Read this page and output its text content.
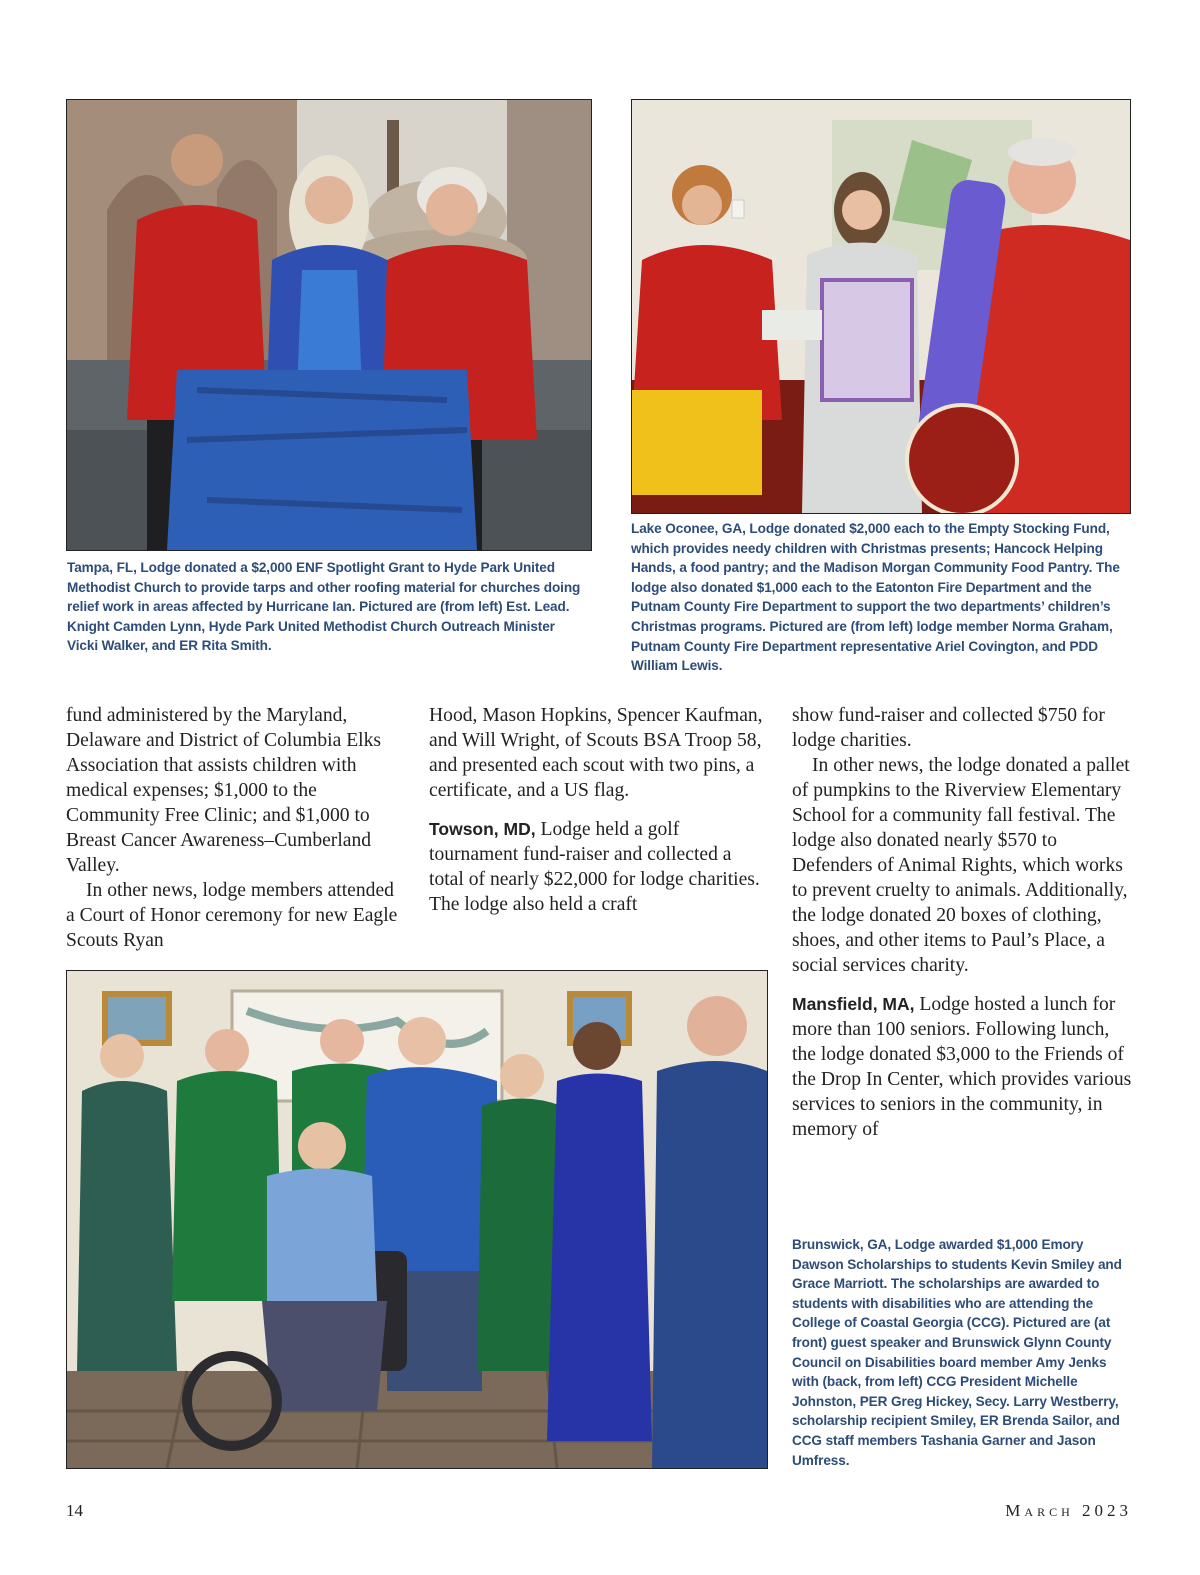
Tampa, FL, Lodge donated a $2,000 ENF Spotlight Grant to Hyde Park United Methodist Church to provide tarps and other roofing material for churches doing relief work in areas affected by Hurricane Ian. Pictured are (from left) Est. Lead. Knight Camden Lynn, Hyde Park United Methodist Church Outreach Minister Vicki Walker, and ER Rita Smith.
Lake Oconee, GA, Lodge donated $2,000 each to the Empty Stocking Fund, which provides needy children with Christmas presents; Hancock Helping Hands, a food pantry; and the Madison Morgan Community Food Pantry. The lodge also donated $1,000 each to the Eatonton Fire Department and the Putnam County Fire Department to support the two departments’ children’s Christmas programs. Pictured are (from left) lodge member Norma Graham, Putnam County Fire Department representative Ariel Covington, and PDD William Lewis.

fund administered by the Maryland, Delaware and District of Columbia Elks Association that assists children with medical expenses; $1,000 to the Community Free Clinic; and $1,000 to Breast Cancer Awareness–Cumberland Valley.

In other news, lodge members attended a Court of Honor ceremony for new Eagle Scouts Ryan

Hood, Mason Hopkins, Spencer Kaufman, and Will Wright, of Scouts BSA Troop 58, and presented each scout with two pins, a certificate, and a US flag.

Towson, MD, Lodge held a golf tournament fund-raiser and collected a total of nearly $22,000 for lodge charities. The lodge also held a craft

show fund-raiser and collected $750 for lodge charities.

In other news, the lodge donated a pallet of pumpkins to the Riverview Elementary School for a community fall festival. The lodge also donated nearly $570 to Defenders of Animal Rights, which works to prevent cruelty to animals. Additionally, the lodge donated 20 boxes of clothing, shoes, and other items to Paul’s Place, a social services charity.

Mansfield, MA, Lodge hosted a lunch for more than 100 seniors. Following lunch, the lodge donated $3,000 to the Friends of the Drop In Center, which provides various services to seniors in the community, in memory of

Brunswick, GA, Lodge awarded $1,000 Emory Dawson Scholarships to students Kevin Smiley and Grace Marriott. The scholarships are awarded to students with disabilities who are attending the College of Coastal Georgia (CCG). Pictured are (at front) guest speaker and Brunswick Glynn County Council on Disabilities board member Amy Jenks with (back, from left) CCG President Michelle Johnston, PER Greg Hickey, Secy. Larry Westberry, scholarship recipient Smiley, ER Brenda Sailor, and CCG staff members Tashania Garner and Jason Umfress.
14	March 2023
